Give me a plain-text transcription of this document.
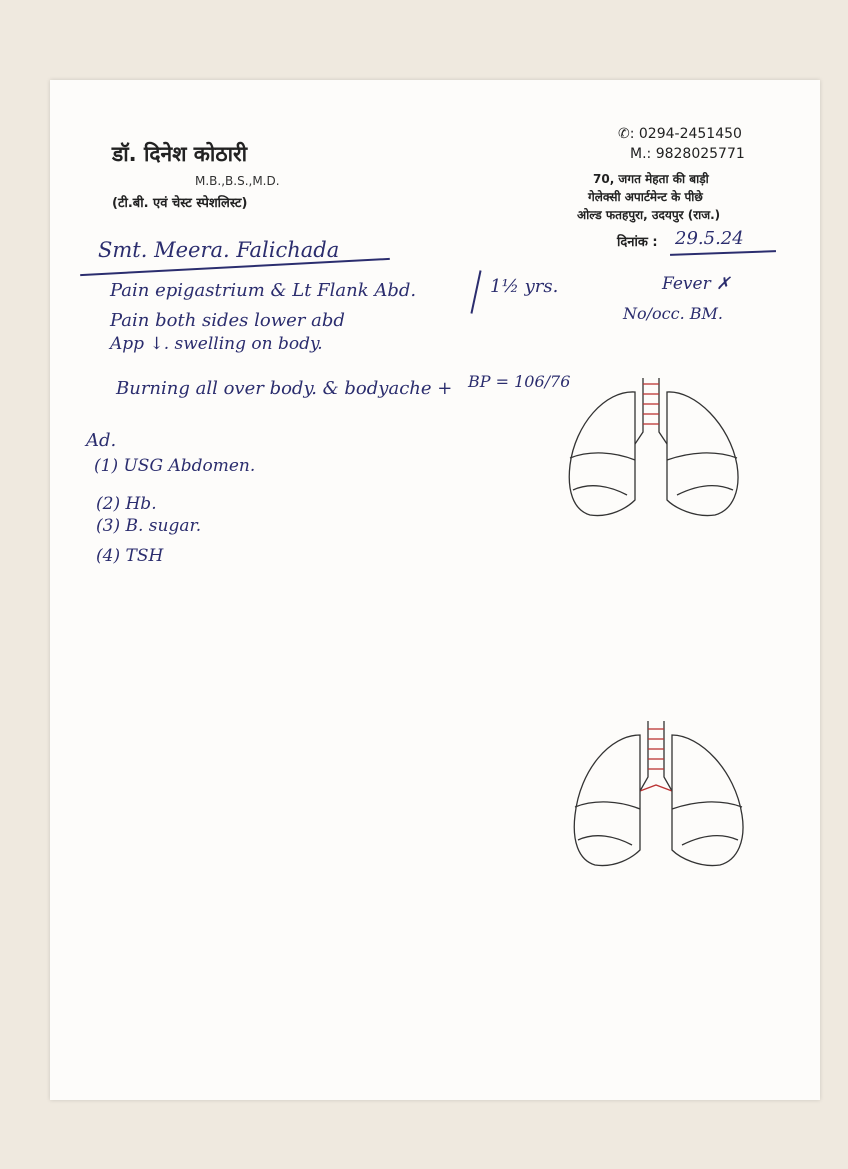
डॉ. दिनेश कोठारी
M.B.,B.S.,M.D.
(टी.बी. एवं चेस्ट स्पेशलिस्ट)
✆: 0294-2451450
M.: 9828025771
70, जगत मेहता की बाड़ी
गेलेक्सी अपार्टमेन्ट के पीछे
ओल्ड फतहपुरा, उदयपुर (राज.)
दिनांक :
Smt. Meera. Falichada	29.5.24
Pain epigastrium & Lt Flank Abd.	1½ yrs.	Fever ✗
Pain both sides lower abd	No/occ. BM.
App ↓. swelling on body.
Burning all over body. & bodyache + BP = 106/76
Ad.
(1) USG Abdomen.
(2) Hb.
(3) B. sugar.
(4) TSH
